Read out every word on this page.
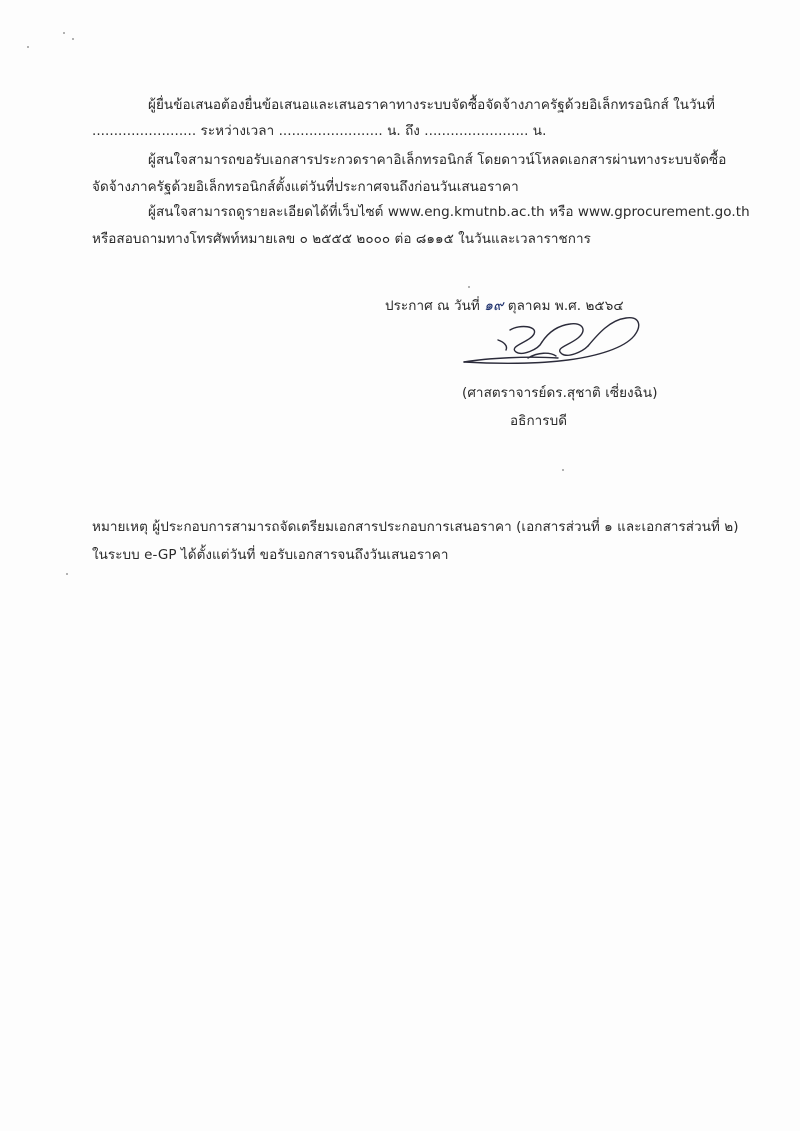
ผู้ยื่นข้อเสนอต้องยื่นข้อเสนอและเสนอราคาทางระบบจัดซื้อจัดจ้างภาครัฐด้วยอิเล็กทรอนิกส์ ในวันที่
........................ ระหว่างเวลา ........................ น. ถึง ........................ น.
ผู้สนใจสามารถขอรับเอกสารประกวดราคาอิเล็กทรอนิกส์ โดยดาวน์โหลดเอกสารผ่านทางระบบจัดซื้อ
จัดจ้างภาครัฐด้วยอิเล็กทรอนิกส์ตั้งแต่วันที่ประกาศจนถึงก่อนวันเสนอราคา
ผู้สนใจสามารถดูรายละเอียดได้ที่เว็บไซต์ www.eng.kmutnb.ac.th หรือ www.gprocurement.go.th
หรือสอบถามทางโทรศัพท์หมายเลข ๐ ๒๕๕๕ ๒๐๐๐ ต่อ ๘๑๑๕ ในวันและเวลาราชการ
ประกาศ ณ วันที่ ๑๙ ตุลาคม พ.ศ. ๒๕๖๔
(ศาสตราจารย์ดร.สุชาติ เซี่ยงฉิน)
อธิการบดี
หมายเหตุ ผู้ประกอบการสามารถจัดเตรียมเอกสารประกอบการเสนอราคา (เอกสารส่วนที่ ๑ และเอกสารส่วนที่ ๒)
ในระบบ e-GP ได้ตั้งแต่วันที่ ขอรับเอกสารจนถึงวันเสนอราคา
